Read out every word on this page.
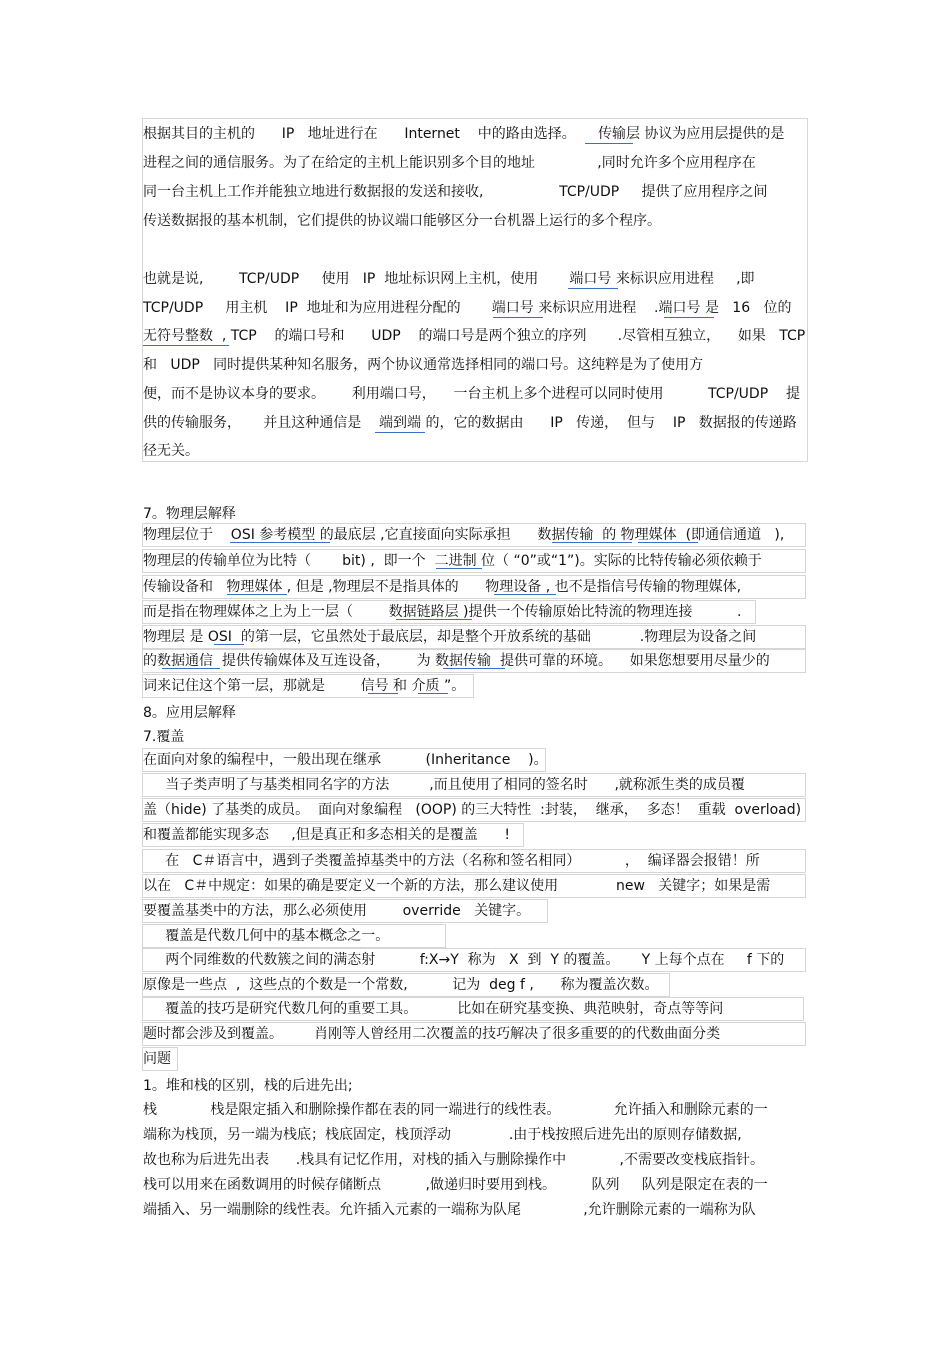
根据其目的主机的      IP   地址进行在      Internet    中的路由选择。     传输层 协议为应用层提供的是
进程之间的通信服务。为了在给定的主机上能识别多个目的地址              ,同时允许多个应用程序在
同一台主机上工作并能独立地进行数据报的发送和接收,                 TCP/UDP     提供了应用程序之间
传送数据报的基本机制，它们提供的协议端口能够区分一台机器上运行的多个程序。
也就是说,        TCP/UDP     使用   IP  地址标识网上主机，使用       端口号 来标识应用进程     ,即
TCP/UDP     用主机    IP  地址和为应用进程分配的       端口号 来标识应用进程    .端口号 是   16   位的
无符号整数  , TCP    的端口号和      UDP    的端口号是两个独立的序列       .尽管相互独立，    如果   TCP
和   UDP   同时提供某种知名服务，两个协议通常选择相同的端口号。这纯粹是为了使用方
便，而不是协议本身的要求。      利用端口号，    一台主机上多个进程可以同时使用          TCP/UDP    提
供的传输服务，     并且这种通信是    端到端 的，它的数据由      IP   传递，  但与    IP   数据报的传递路
径无关。
7。物理层解释
物理层位于    OSI 参考模型 的最底层 ,它直接面向实际承担      数据传输  的 物理媒体  (即通信通道   ),
物理层的传输单位为比特（       bit) ,  即一个  二进制 位（ “0”或“1”)。实际的比特传输必须依赖于
传输设备和   物理媒体 , 但是 ,物理层不是指具体的      物理设备 , 也不是指信号传输的物理媒体,
而是指在物理媒体之上为上一层（        数据链路层 )提供一个传输原始比特流的物理连接          .
物理层 是 OSI  的第一层，它虽然处于最底层，却是整个开放系统的基础           .物理层为设备之间
的数据通信  提供传输媒体及互连设备，      为 数据传输  提供可靠的环境。    如果您想要用尽量少的
词来记住这个第一层，那就是        信号 和 介质 ”。
8。应用层解释
7.覆盖
在面向对象的编程中，一般出现在继承          (Inheritance    )。
当子类声明了与基类相同名字的方法         ,而且使用了相同的签名时      ,就称派生类的成员覆
盖（hide) 了基类的成员。  面向对象编程   (OOP) 的三大特性  :封装，  继承，  多态！  重载  overload)
和覆盖都能实现多态     ,但是真正和多态相关的是覆盖      !
在   C＃语言中，遇到子类覆盖掉基类中的方法（名称和签名相同）          ，  编译器会报错！所
以在   C＃中规定：如果的确是要定义一个新的方法，那么建议使用             new   关键字；如果是需
要覆盖基类中的方法，那么必须使用        override   关键字。
覆盖是代数几何中的基本概念之一。
两个同维数的代数簇之间的满态射          f:X→Y  称为   X  到  Y 的覆盖。     Y 上每个点在     f 下的
原像是一些点  ,  这些点的个数是一个常数,          记为  deg f ,      称为覆盖次数。
覆盖的技巧是研究代数几何的重要工具。         比如在研究基变换、典范映射，奇点等等问
题时都会涉及到覆盖。       肖刚等人曾经用二次覆盖的技巧解决了很多重要的的代数曲面分类
问题
1。堆和栈的区别，栈的后进先出;
栈            栈是限定插入和删除操作都在表的同一端进行的线性表。            允许插入和删除元素的一
端称为栈顶，另一端为栈底；栈底固定，栈顶浮动             .由于栈按照后进先出的原则存储数据,
故也称为后进先出表      .栈具有记忆作用，对栈的插入与删除操作中            ,不需要改变栈底指针。
栈可以用来在函数调用的时候存储断点          ,做递归时要用到栈。        队列     队列是限定在表的一
端插入、另一端删除的线性表。允许插入元素的一端称为队尾              ,允许删除元素的一端称为队
